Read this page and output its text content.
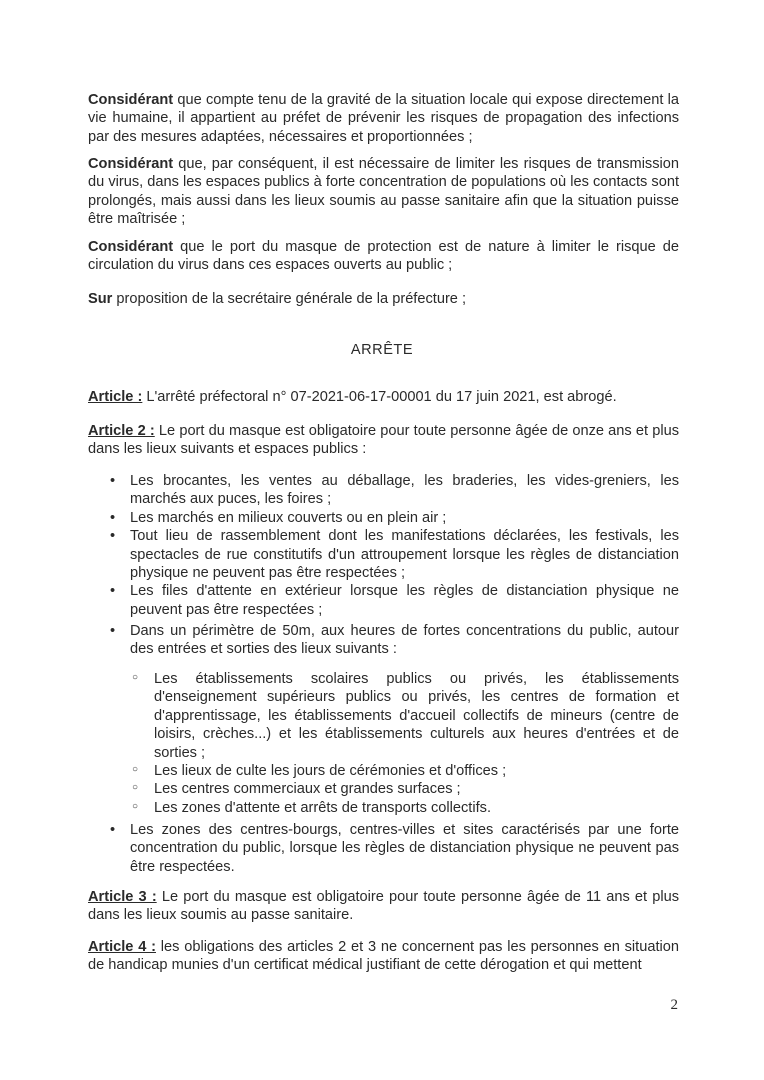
Considérant que compte tenu de la gravité de la situation locale qui expose directement la vie humaine, il appartient au préfet de prévenir les risques de propagation des infections par des mesures adaptées, nécessaires et proportionnées ;

Considérant que, par conséquent, il est nécessaire de limiter les risques de transmission du virus, dans les espaces publics à forte concentration de populations où les contacts sont prolongés, mais aussi dans les lieux soumis au passe sanitaire afin que la situation puisse être maîtrisée ;

Considérant que le port du masque de protection est de nature à limiter le risque de circulation du virus dans ces espaces ouverts au public ;

Sur proposition de la secrétaire générale de la préfecture ;

ARRÊTE

Article : L'arrêté préfectoral n° 07-2021-06-17-00001 du 17 juin 2021, est abrogé.

Article 2 : Le port du masque est obligatoire pour toute personne âgée de onze ans et plus dans les lieux suivants et espaces publics :

• Les brocantes, les ventes au déballage, les braderies, les vides-greniers, les marchés aux puces, les foires ;
• Les marchés en milieux couverts ou en plein air ;
• Tout lieu de rassemblement dont les manifestations déclarées, les festivals, les spectacles de rue constitutifs d'un attroupement lorsque les règles de distanciation physique ne peuvent pas être respectées ;
• Les files d'attente en extérieur lorsque les règles de distanciation physique ne peuvent pas être respectées ;
• Dans un périmètre de 50m, aux heures de fortes concentrations du public, autour des entrées et sorties des lieux suivants :
○ Les établissements scolaires publics ou privés, les établissements d'enseignement supérieurs publics ou privés, les centres de formation et d'apprentissage, les établissements d'accueil collectifs de mineurs (centre de loisirs, crèches...) et les établissements culturels aux heures d'entrées et de sorties ;
○ Les lieux de culte les jours de cérémonies et d'offices ;
○ Les centres commerciaux et grandes surfaces ;
○ Les zones d'attente et arrêts de transports collectifs.
• Les zones des centres-bourgs, centres-villes et sites caractérisés par une forte concentration du public, lorsque les règles de distanciation physique ne peuvent pas être respectées.

Article 3 : Le port du masque est obligatoire pour toute personne âgée de 11 ans et plus dans les lieux soumis au passe sanitaire.

Article 4 : les obligations des articles 2 et 3 ne concernent pas les personnes en situation de handicap munies d'un certificat médical justifiant de cette dérogation et qui mettent

2
